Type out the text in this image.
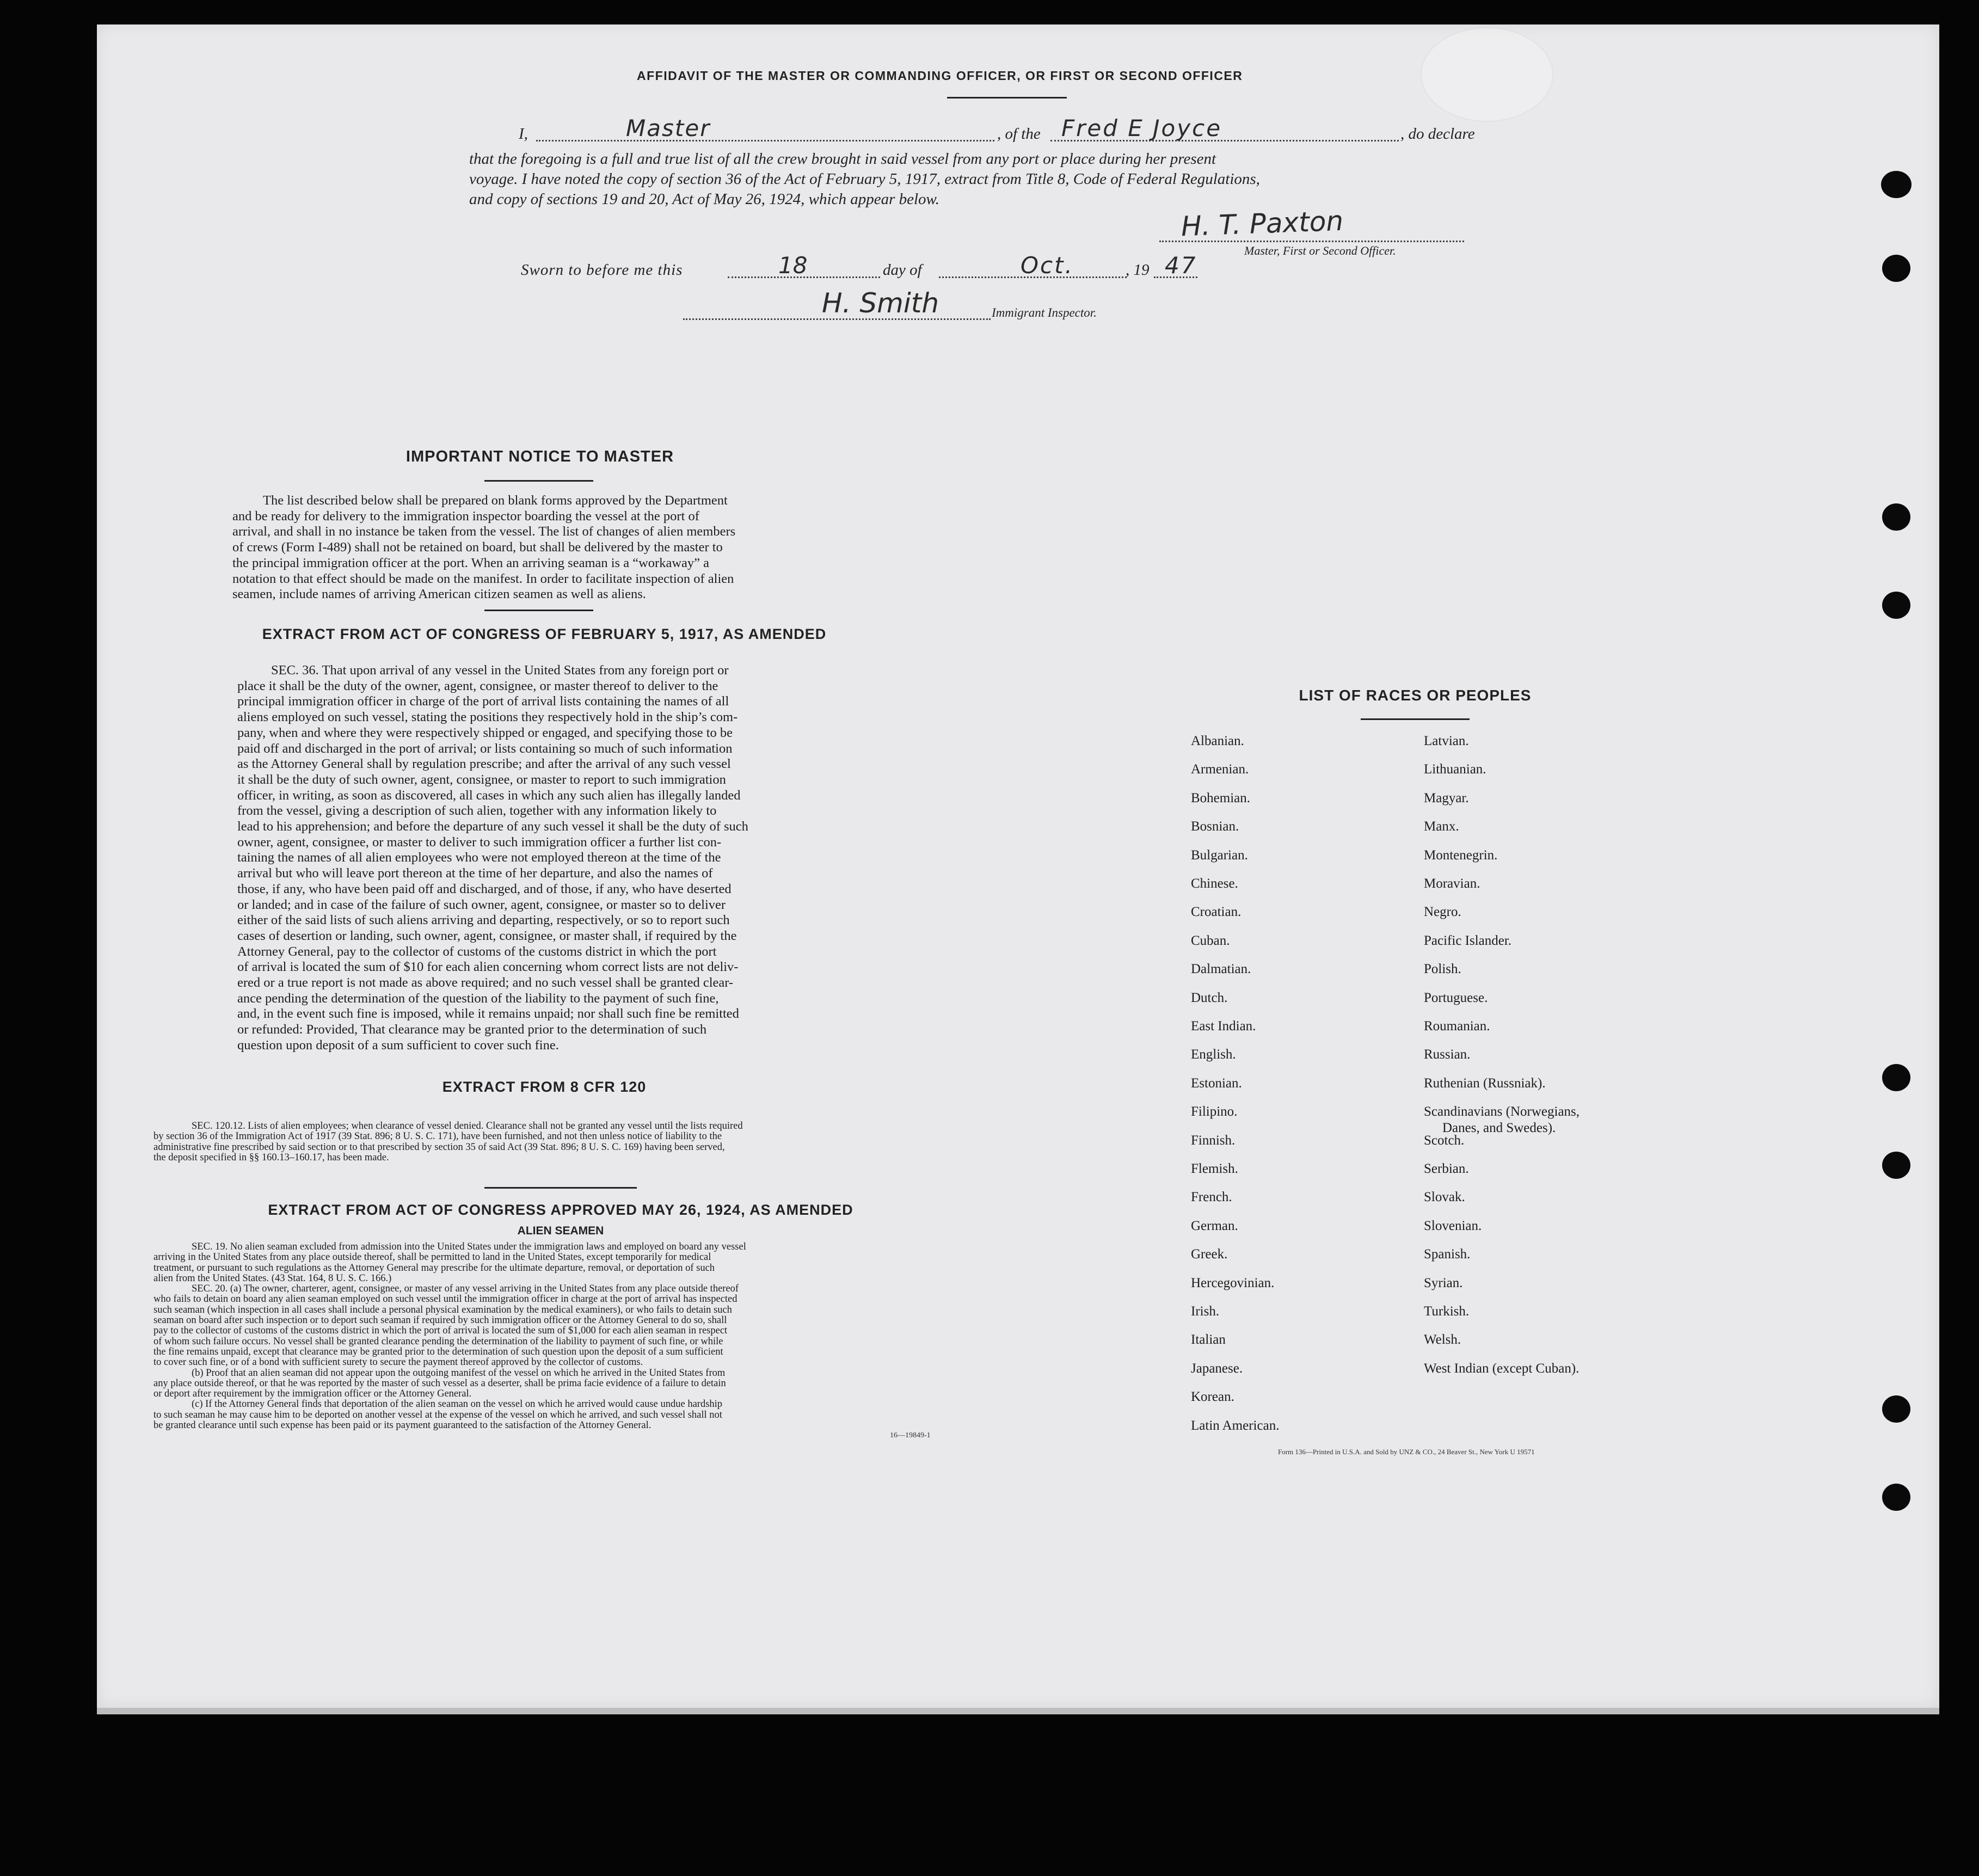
AFFIDAVIT OF THE MASTER OR COMMANDING OFFICER, OR FIRST OR SECOND OFFICER
I,	Master	, of the Fred E Joyce	, do declare
that the foregoing is a full and true list of all the crew brought in said vessel from any port or place during her present
voyage. I have noted the copy of section 36 of the Act of February 5, 1917, extract from Title 8, Code of Federal Regulations,
and copy of sections 19 and 20, Act of May 26, 1924, which appear below.
H. T. Paxton
Master, First or Second Officer.
Sworn to before me this	18	day of	Oct.	, 19 47
H. Smith	Immigrant Inspector.
IMPORTANT NOTICE TO MASTER
The list described below shall be prepared on blank forms approved by the Department
and be ready for delivery to the immigration inspector boarding the vessel at the port of
arrival, and shall in no instance be taken from the vessel. The list of changes of alien members
of crews (Form I-489) shall not be retained on board, but shall be delivered by the master to
the principal immigration officer at the port. When an arriving seaman is a “workaway” a
notation to that effect should be made on the manifest. In order to facilitate inspection of alien
seamen, include names of arriving American citizen seamen as well as aliens.
EXTRACT FROM ACT OF CONGRESS OF FEBRUARY 5, 1917, AS AMENDED
SEC. 36. That upon arrival of any vessel in the United States from any foreign port or
place it shall be the duty of the owner, agent, consignee, or master thereof to deliver to the
principal immigration officer in charge of the port of arrival lists containing the names of all
aliens employed on such vessel, stating the positions they respectively hold in the ship’s com-
pany, when and where they were respectively shipped or engaged, and specifying those to be
paid off and discharged in the port of arrival; or lists containing so much of such information
as the Attorney General shall by regulation prescribe; and after the arrival of any such vessel
it shall be the duty of such owner, agent, consignee, or master to report to such immigration
officer, in writing, as soon as discovered, all cases in which any such alien has illegally landed
from the vessel, giving a description of such alien, together with any information likely to
lead to his apprehension; and before the departure of any such vessel it shall be the duty of such
owner, agent, consignee, or master to deliver to such immigration officer a further list con-
taining the names of all alien employees who were not employed thereon at the time of the
arrival but who will leave port thereon at the time of her departure, and also the names of
those, if any, who have been paid off and discharged, and of those, if any, who have deserted
or landed; and in case of the failure of such owner, agent, consignee, or master so to deliver
either of the said lists of such aliens arriving and departing, respectively, or so to report such
cases of desertion or landing, such owner, agent, consignee, or master shall, if required by the
Attorney General, pay to the collector of customs of the customs district in which the port
of arrival is located the sum of $10 for each alien concerning whom correct lists are not deliv-
ered or a true report is not made as above required; and no such vessel shall be granted clear-
ance pending the determination of the question of the liability to the payment of such fine,
and, in the event such fine is imposed, while it remains unpaid; nor shall such fine be remitted
or refunded: Provided, That clearance may be granted prior to the determination of such
question upon deposit of a sum sufficient to cover such fine.
EXTRACT FROM 8 CFR 120
SEC. 120.12. Lists of alien employees; when clearance of vessel denied. Clearance shall not be granted any vessel until the lists required
by section 36 of the Immigration Act of 1917 (39 Stat. 896; 8 U. S. C. 171), have been furnished, and not then unless notice of liability to the
administrative fine prescribed by said section or to that prescribed by section 35 of said Act (39 Stat. 896; 8 U. S. C. 169) having been served,
the deposit specified in §§ 160.13–160.17, has been made.
EXTRACT FROM ACT OF CONGRESS APPROVED MAY 26, 1924, AS AMENDED
ALIEN SEAMEN
SEC. 19. No alien seaman excluded from admission into the United States under the immigration laws and employed on board any vessel
arriving in the United States from any place outside thereof, shall be permitted to land in the United States, except temporarily for medical
treatment, or pursuant to such regulations as the Attorney General may prescribe for the ultimate departure, removal, or deportation of such
alien from the United States. (43 Stat. 164, 8 U. S. C. 166.)
SEC. 20. (a) The owner, charterer, agent, consignee, or master of any vessel arriving in the United States from any place outside thereof
who fails to detain on board any alien seaman employed on such vessel until the immigration officer in charge at the port of arrival has inspected
such seaman (which inspection in all cases shall include a personal physical examination by the medical examiners), or who fails to detain such
seaman on board after such inspection or to deport such seaman if required by such immigration officer or the Attorney General to do so, shall
pay to the collector of customs of the customs district in which the port of arrival is located the sum of $1,000 for each alien seaman in respect
of whom such failure occurs. No vessel shall be granted clearance pending the determination of the liability to payment of such fine, or while
the fine remains unpaid, except that clearance may be granted prior to the determination of such question upon the deposit of a sum sufficient
to cover such fine, or of a bond with sufficient surety to secure the payment thereof approved by the collector of customs.
(b) Proof that an alien seaman did not appear upon the outgoing manifest of the vessel on which he arrived in the United States from
any place outside thereof, or that he was reported by the master of such vessel as a deserter, shall be prima facie evidence of a failure to detain
or deport after requirement by the immigration officer or the Attorney General.
(c) If the Attorney General finds that deportation of the alien seaman on the vessel on which he arrived would cause undue hardship
to such seaman he may cause him to be deported on another vessel at the expense of the vessel on which he arrived, and such vessel shall not
be granted clearance until such expense has been paid or its payment guaranteed to the satisfaction of the Attorney General.
16—19849-1
LIST OF RACES OR PEOPLES
Albanian.
Armenian.
Bohemian.
Bosnian.
Bulgarian.
Chinese.
Croatian.
Cuban.
Dalmatian.
Dutch.
East Indian.
English.
Estonian.
Filipino.
Finnish.
Flemish.
French.
German.
Greek.
Hercegovinian.
Irish.
Italian
Japanese.
Korean.
Latin American.
Latvian.
Lithuanian.
Magyar.
Manx.
Montenegrin.
Moravian.
Negro.
Pacific Islander.
Polish.
Portuguese.
Roumanian.
Russian.
Ruthenian (Russniak).
Scandinavians (Norwegians,
Danes, and Swedes).
Scotch.
Serbian.
Slovak.
Slovenian.
Spanish.
Syrian.
Turkish.
Welsh.
West Indian (except Cuban).
Form 136—Printed in U.S.A. and Sold by UNZ & CO., 24 Beaver St., New York U 19571
